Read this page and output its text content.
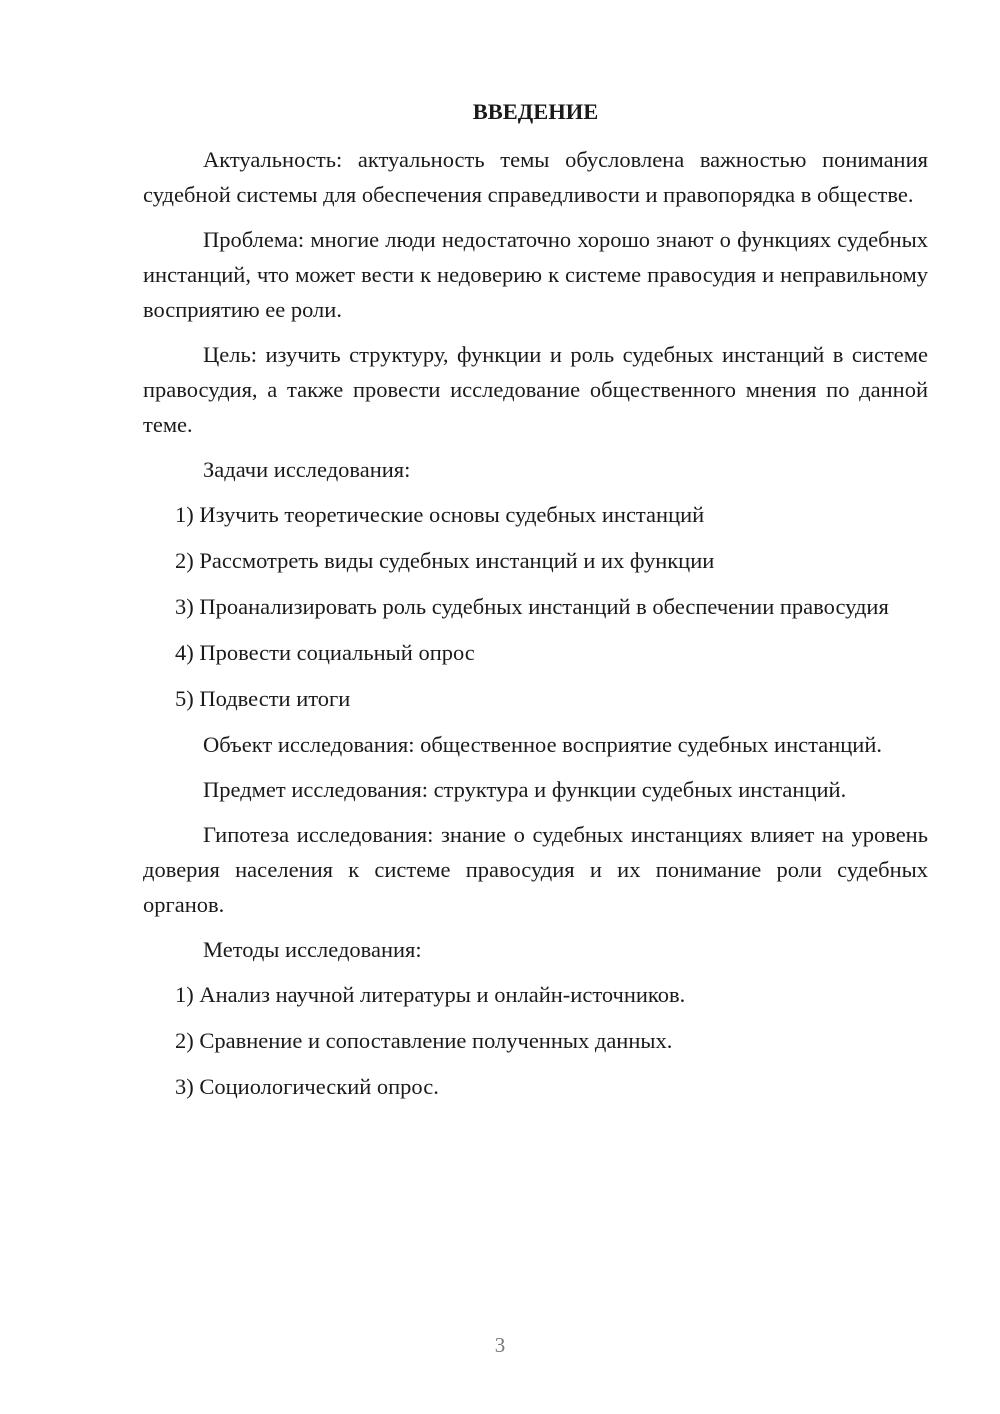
ВВЕДЕНИЕ

Актуальность: актуальность темы обусловлена важностью понимания судебной системы для обеспечения справедливости и правопорядка в обществе.

Проблема: многие люди недостаточно хорошо знают о функциях судебных инстанций, что может вести к недоверию к системе правосудия и неправильному восприятию ее роли.

Цель: изучить структуру, функции и роль судебных инстанций в системе правосудия, а также провести исследование общественного мнения по данной теме.

Задачи исследования:

1) Изучить теоретические основы судебных инстанций

2) Рассмотреть виды судебных инстанций и их функции

3) Проанализировать роль судебных инстанций в обеспечении правосудия

4) Провести социальный опрос

5) Подвести итоги

Объект исследования: общественное восприятие судебных инстанций.

Предмет исследования: структура и функции судебных инстанций.

Гипотеза исследования: знание о судебных инстанциях влияет на уровень доверия населения к системе правосудия и их понимание роли судебных органов.

Методы исследования:

1) Анализ научной литературы и онлайн-источников.

2) Сравнение и сопоставление полученных данных.

3) Социологический опрос.

3
